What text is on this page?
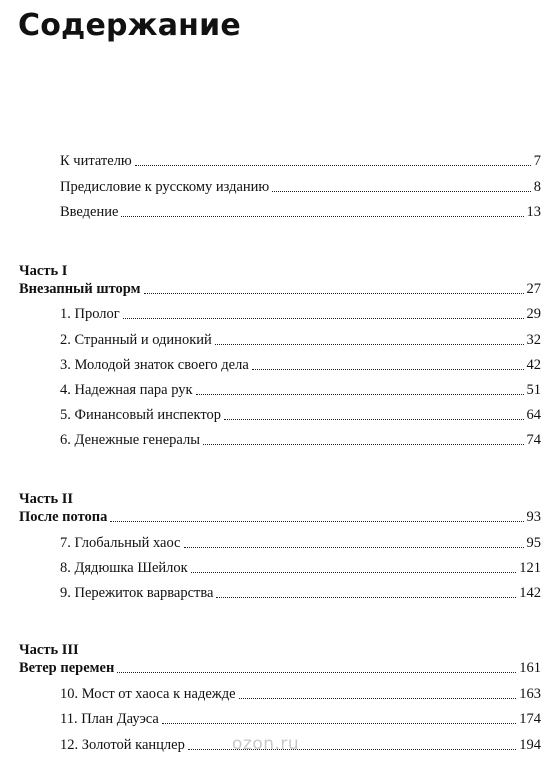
Содержание
К читателю	7
Предисловие к русскому изданию	8
Введение	13
Часть I
Внезапный шторм	27
1. Пролог	29
2. Странный и одинокий	32
3. Молодой знаток своего дела	42
4. Надежная пара рук	51
5. Финансовый инспектор	64
6. Денежные генералы	74
Часть II
После потопа	93
7. Глобальный хаос	95
8. Дядюшка Шейлок	121
9. Пережиток варварства	142
Часть III
Ветер перемен	161
10. Мост от хаоса к надежде	163
11. План Дауэса	174
12. Золотой канцлер	194
ozon.ru
